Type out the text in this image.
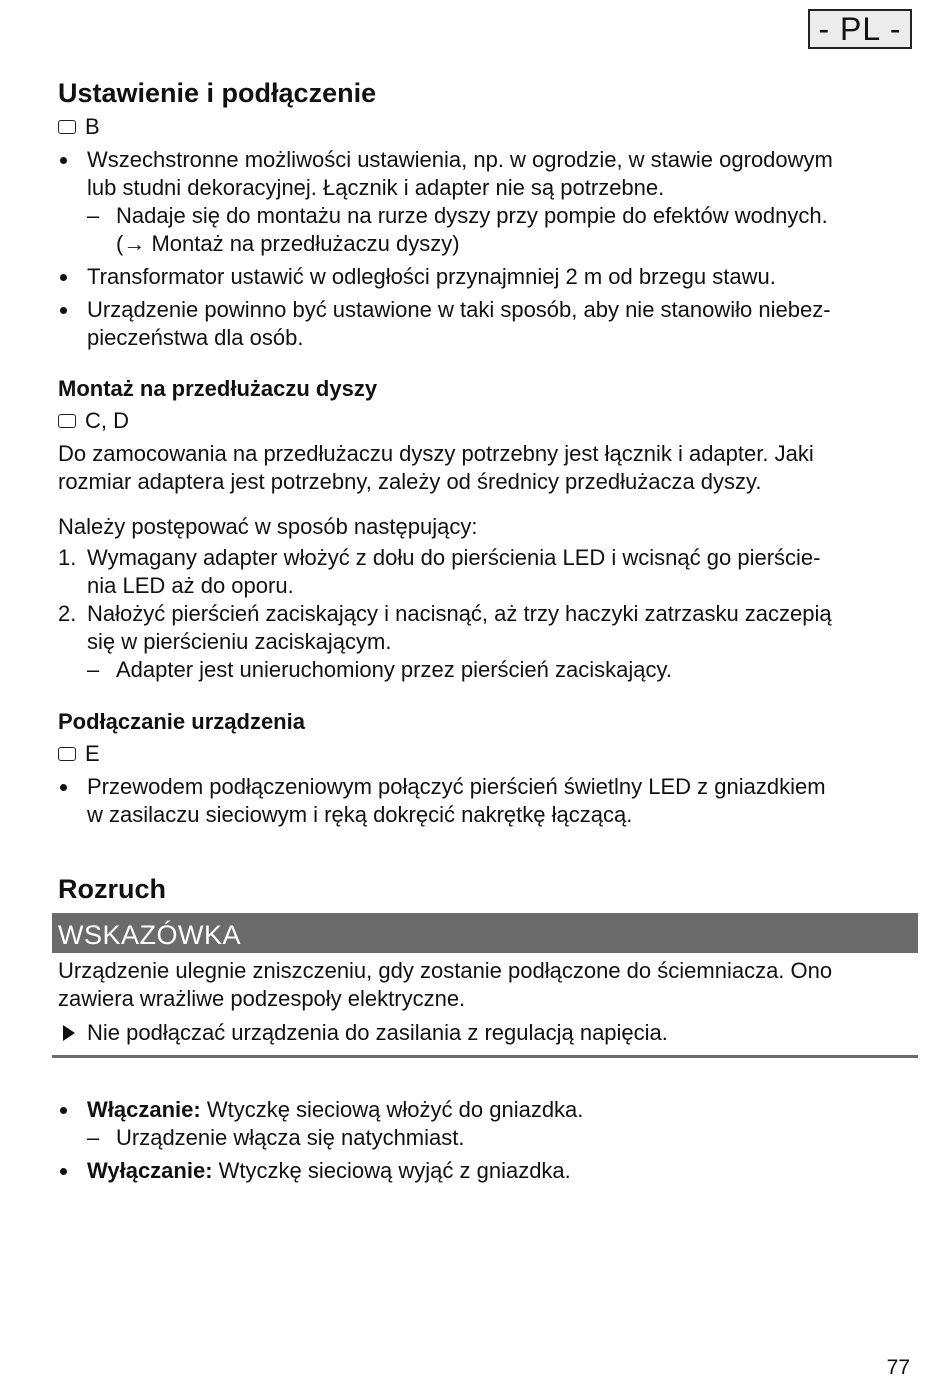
- PL -
Ustawienie i podłączenie
B
Wszechstronne możliwości ustawienia, np. w ogrodzie, w stawie ogrodowym
lub studni dekoracyjnej. Łącznik i adapter nie są potrzebne.
– Nadaje się do montażu na rurze dyszy przy pompie do efektów wodnych.
(→ Montaż na przedłużaczu dyszy)
Transformator ustawić w odległości przynajmniej 2 m od brzegu stawu.
Urządzenie powinno być ustawione w taki sposób, aby nie stanowiło niebez-
pieczeństwa dla osób.
Montaż na przedłużaczu dyszy
C, D
Do zamocowania na przedłużaczu dyszy potrzebny jest łącznik i adapter. Jaki
rozmiar adaptera jest potrzebny, zależy od średnicy przedłużacza dyszy.
Należy postępować w sposób następujący:
1. Wymagany adapter włożyć z dołu do pierścienia LED i wcisnąć go pierście-
nia LED aż do oporu.
2. Nałożyć pierścień zaciskający i nacisnąć, aż trzy haczyki zatrzasku zaczepią
się w pierścieniu zaciskającym.
– Adapter jest unieruchomiony przez pierścień zaciskający.
Podłączanie urządzenia
E
Przewodem podłączeniowym połączyć pierścień świetlny LED z gniazdkiem
w zasilaczu sieciowym i ręką dokręcić nakrętkę łączącą.
Rozruch
WSKAZÓWKA
Urządzenie ulegnie zniszczeniu, gdy zostanie podłączone do ściemniacza. Ono
zawiera wrażliwe podzespoły elektryczne.
Nie podłączać urządzenia do zasilania z regulacją napięcia.
Włączanie: Wtyczkę sieciową włożyć do gniazdka.
– Urządzenie włącza się natychmiast.
Wyłączanie: Wtyczkę sieciową wyjąć z gniazdka.
77
